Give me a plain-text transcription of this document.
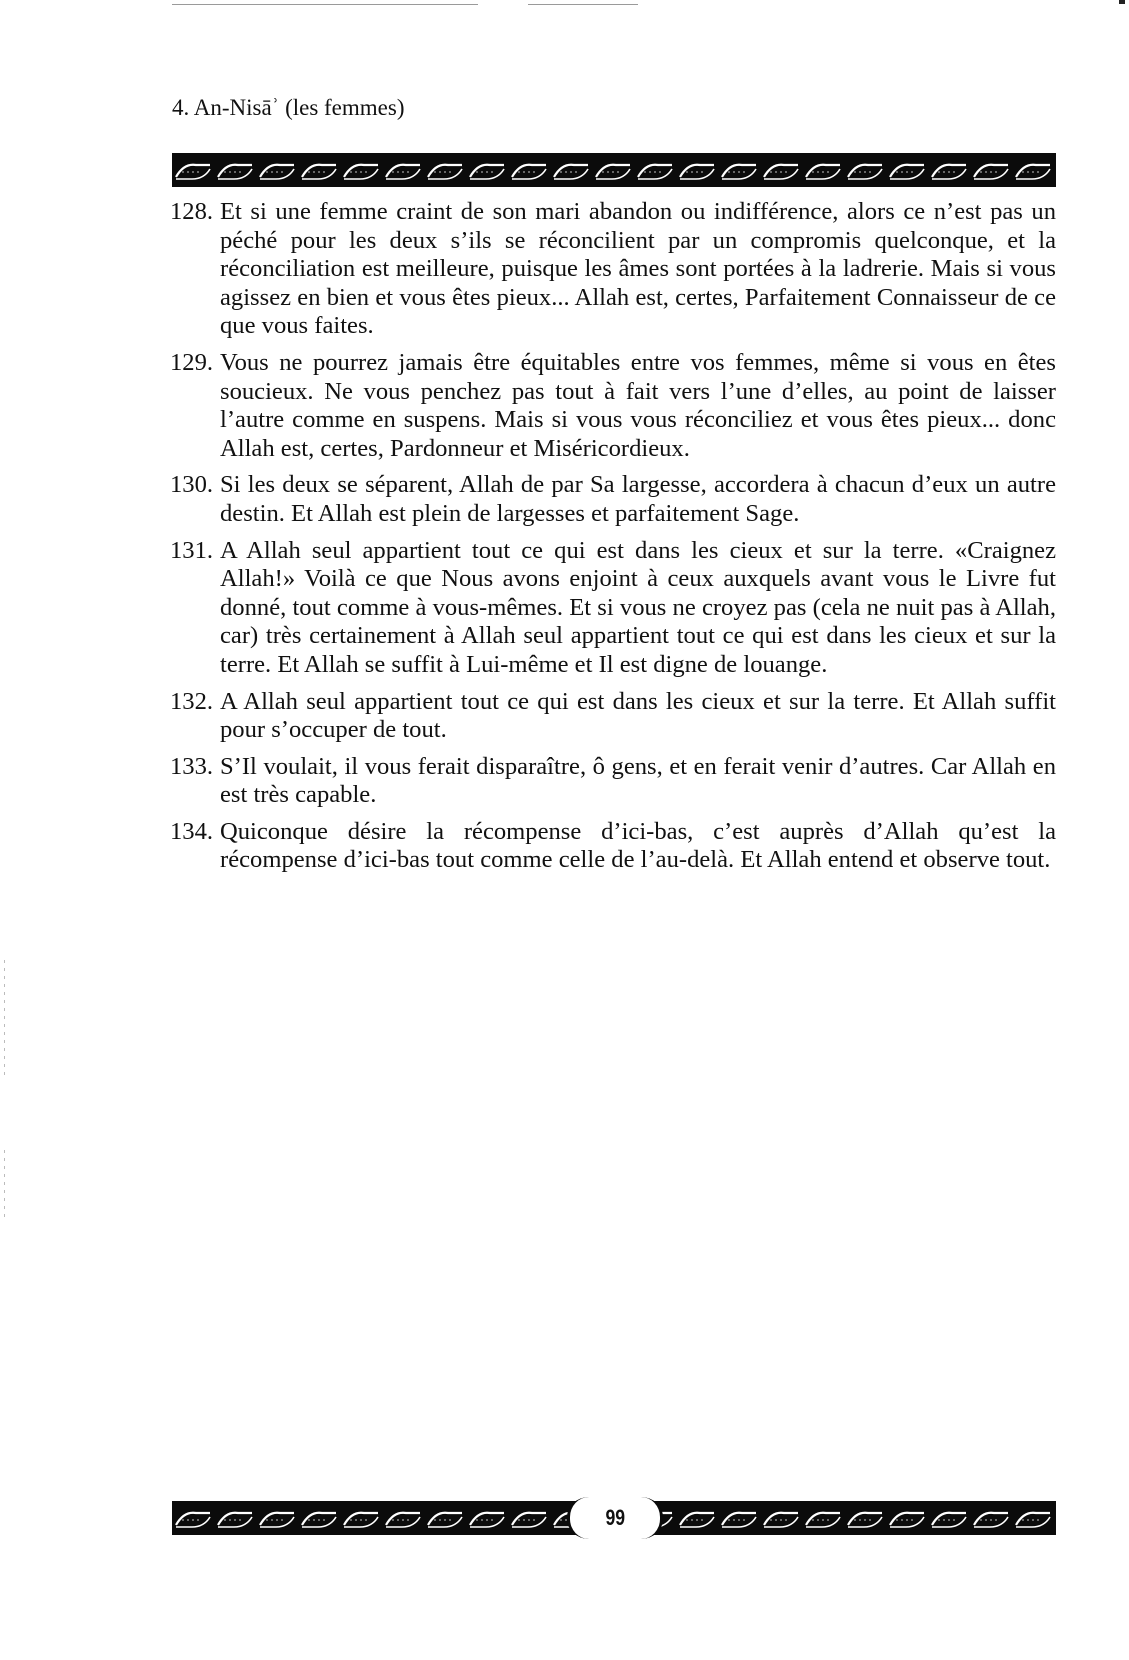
4. An-Nisāʾ (les femmes)
128. Et si une femme craint de son mari abandon ou indifférence, alors ce n’est pas un péché pour les deux s’ils se réconcilient par un compromis quelconque, et la réconciliation est meilleure, puisque les âmes sont portées à la ladrerie. Mais si vous agissez en bien et vous êtes pieux... Allah est, certes, Parfaitement Connaisseur de ce que vous faites.
129. Vous ne pourrez jamais être équitables entre vos femmes, même si vous en êtes soucieux. Ne vous penchez pas tout à fait vers l’une d’elles, au point de laisser l’autre comme en suspens. Mais si vous vous réconciliez et vous êtes pieux... donc Allah est, certes, Pardonneur et Miséricordieux.
130. Si les deux se séparent, Allah de par Sa largesse, accordera à chacun d’eux un autre destin. Et Allah est plein de largesses et parfaitement Sage.
131. A Allah seul appartient tout ce qui est dans les cieux et sur la terre. «Craignez Allah!» Voilà ce que Nous avons enjoint à ceux auxquels avant vous le Livre fut donné, tout comme à vous-mêmes. Et si vous ne croyez pas (cela ne nuit pas à Allah, car) très certainement à Allah seul appartient tout ce qui est dans les cieux et sur la terre. Et Allah se suffit à Lui-même et Il est digne de louange.
132. A Allah seul appartient tout ce qui est dans les cieux et sur la terre. Et Allah suffit pour s’occuper de tout.
133. S’Il voulait, il vous ferait disparaître, ô gens, et en ferait venir d’autres. Car Allah en est très capable.
134. Quiconque désire la récompense d’ici-bas, c’est auprès d’Allah qu’est la récompense d’ici-bas tout comme celle de l’au-delà. Et Allah entend et observe tout.
99
